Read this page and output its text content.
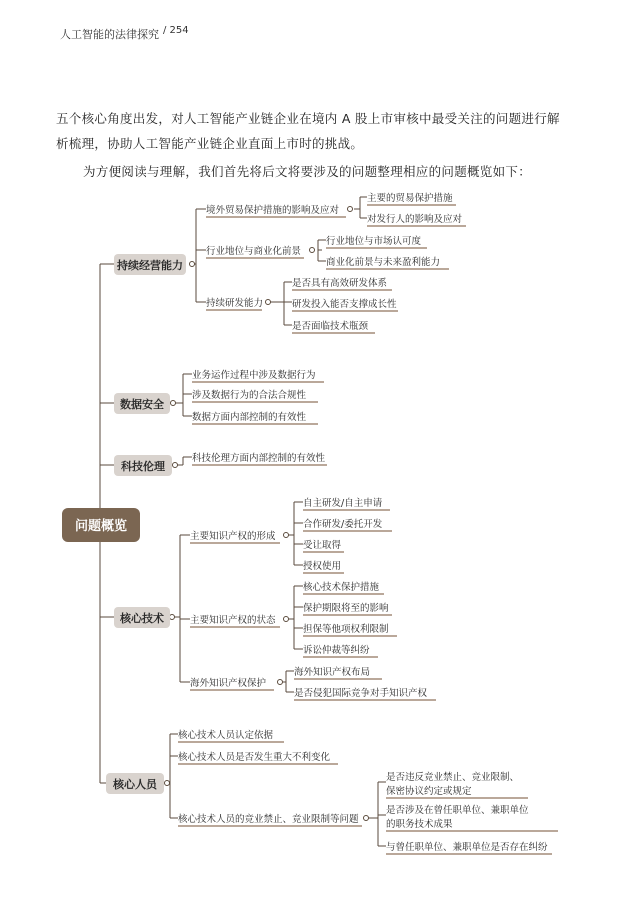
人工智能的法律探究 / 254
五个核心角度出发，对人工智能产业链企业在境内 A 股上市审核中最受关注的问题进行解
析梳理，协助人工智能产业链企业直面上市时的挑战。
为方便阅读与理解，我们首先将后文将要涉及的问题整理相应的问题概览如下：
问题概览
持续经营能力
数据安全
科技伦理
核心技术
核心人员
境外贸易保护措施的影响及应对
主要的贸易保护措施
对发行人的影响及应对
行业地位与商业化前景
行业地位与市场认可度
商业化前景与未来盈利能力
持续研发能力
是否具有高效研发体系
研发投入能否支撑成长性
是否面临技术瓶颈
业务运作过程中涉及数据行为
涉及数据行为的合法合规性
数据方面内部控制的有效性
科技伦理方面内部控制的有效性
主要知识产权的形成
自主研发/自主申请
合作研发/委托开发
受让取得
授权使用
主要知识产权的状态
核心技术保护措施
保护期限将至的影响
担保等他项权利限制
诉讼仲裁等纠纷
海外知识产权保护
海外知识产权布局
是否侵犯国际竞争对手知识产权
核心技术人员认定依据
核心技术人员是否发生重大不利变化
核心技术人员的竞业禁止、竞业限制等问题
是否违反竞业禁止、竞业限制、
保密协议约定或规定
是否涉及在曾任职单位、兼职单位
的职务技术成果
与曾任职单位、兼职单位是否存在纠纷
